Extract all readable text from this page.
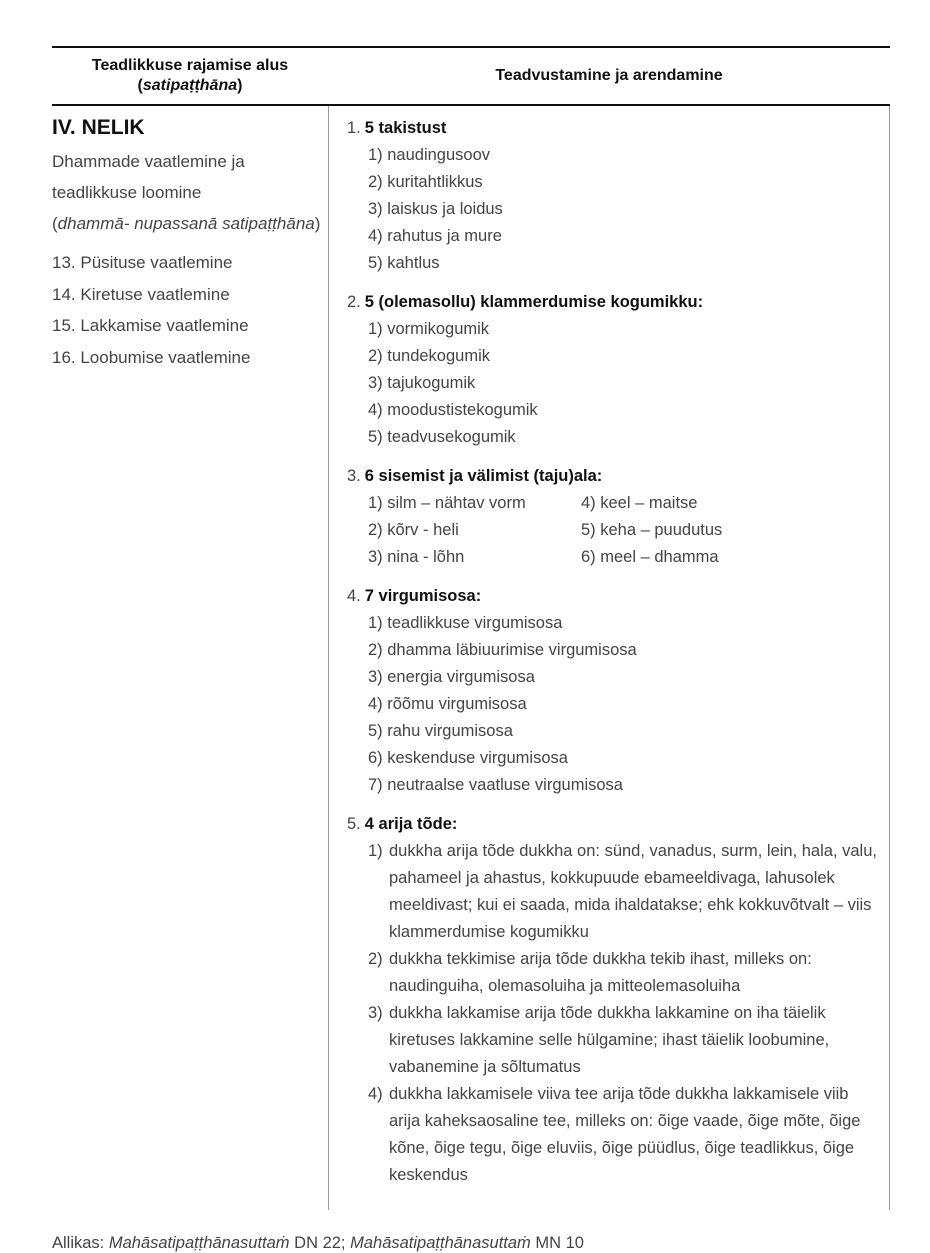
Teadlikkuse rajamise alus
(satipaṭṭhāna)
Teadvustamine ja arendamine
IV. NELIK
Dhammade vaatlemine ja teadlikkuse loomine
(dhammā- nupassanā satipaṭṭhāna)
13. Püsituse vaatlemine
14. Kiretuse vaatlemine
15. Lakkamise vaatlemine
16. Loobumise vaatlemine
1. 5 takistust
1) naudingusoov
2) kuritahtlikkus
3) laiskus ja loidus
4) rahutus ja mure
5) kahtlus
2. 5 (olemasollu) klammerdumise kogumikku:
1) vormikogumik
2) tundekogumik
3) tajukogumik
4) moodustistekogumik
5) teadvusekogumik
3. 6 sisemist ja välimist (taju)ala:
1) silm – nähtav vorm	4) keel – maitse
2) kõrv - heli	5) keha – puudutus
3) nina - lõhn	6) meel – dhamma
4. 7 virgumisosa:
1) teadlikkuse virgumisosa
2) dhamma läbiuurimise virgumisosa
3) energia virgumisosa
4) rõõmu virgumisosa
5) rahu virgumisosa
6) keskenduse virgumisosa
7) neutraalse vaatluse virgumisosa
5. 4 arija tõde:
1) dukkha arija tõde dukkha on: sünd, vanadus, surm, lein, hala, valu, pahameel ja ahastus, kokkupuude ebameeldivaga, lahusolek meeldivast; kui ei saada, mida ihaldatakse; ehk kokkuvõtvalt – viis klammerdumise kogumikku
2) dukkha tekkimise arija tõde dukkha tekib ihast, milleks on: naudinguiha, olemasoluiha ja mitteolemasoluiha
3) dukkha lakkamise arija tõde dukkha lakkamine on iha täielik kiretuses lakkamine selle hülgamine; ihast täielik loobumine, vabanemine ja sõltumatus
4) dukkha lakkamisele viiva tee arija tõde dukkha lakkamisele viib arija kaheksaosaline tee, milleks on: õige vaade, õige mõte, õige kõne, õige tegu, õige eluviis, õige püüdlus, õige teadlikkus, õige keskendus
Allikas: Mahāsatipaṭṭhānasuttaṁ DN 22; Mahāsatipaṭṭhānasuttaṁ MN 10
